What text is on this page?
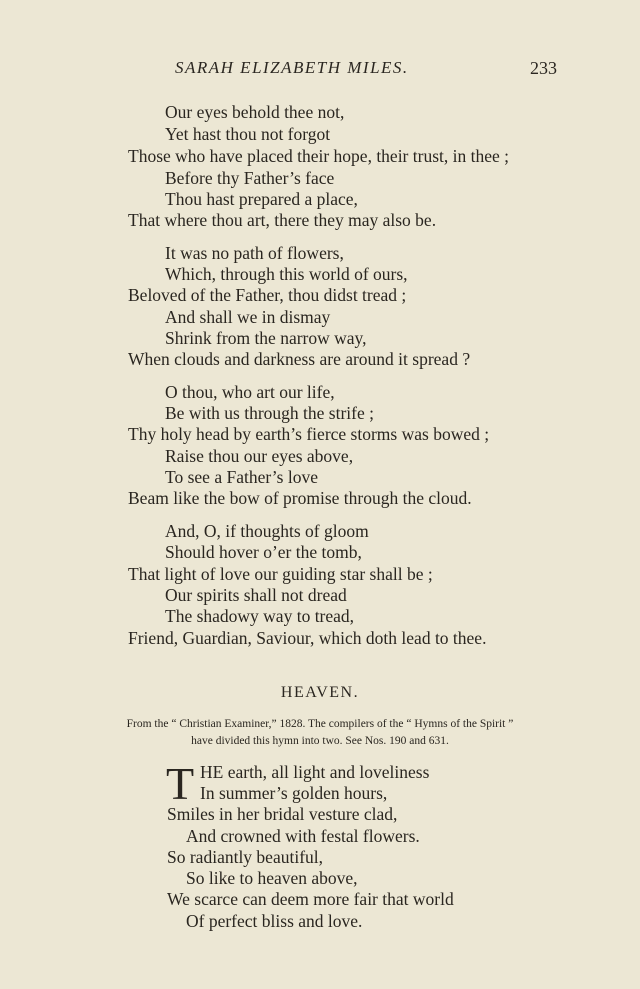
SARAH ELIZABETH MILES.	233
Our eyes behold thee not,
Yet hast thou not forgot
Those who have placed their hope, their trust, in thee ;
Before thy Father’s face
Thou hast prepared a place,
That where thou art, there they may also be.
It was no path of flowers,
Which, through this world of ours,
Beloved of the Father, thou didst tread ;
And shall we in dismay
Shrink from the narrow way,
When clouds and darkness are around it spread ?
O thou, who art our life,
Be with us through the strife ;
Thy holy head by earth’s fierce storms was bowed ;
Raise thou our eyes above,
To see a Father’s love
Beam like the bow of promise through the cloud.
And, O, if thoughts of gloom
Should hover o’er the tomb,
That light of love our guiding star shall be ;
Our spirits shall not dread
The shadowy way to tread,
Friend, Guardian, Saviour, which doth lead to thee.
HEAVEN.
From the “ Christian Examiner,” 1828. The compilers of the “ Hymns of the Spirit ”
have divided this hymn into two. See Nos. 190 and 631.
T HE earth, all light and loveliness
In summer’s golden hours,
Smiles in her bridal vesture clad,
And crowned with festal flowers.
So radiantly beautiful,
So like to heaven above,
We scarce can deem more fair that world
Of perfect bliss and love.
